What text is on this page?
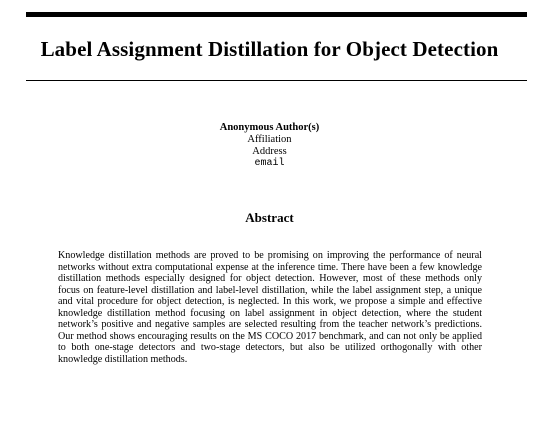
Label Assignment Distillation for Object Detection
Anonymous Author(s)
Affiliation
Address
email
Abstract

Knowledge distillation methods are proved to be promising on improving the performance of neural networks without extra computational expense at the inference time. There have been a few knowledge distillation methods especially designed for object detection. However, most of these methods only focus on feature-level distillation and label-level distillation, while the label assignment step, a unique and vital procedure for object detection, is neglected. In this work, we propose a simple and effective knowledge distillation method focusing on label assignment in object detection, where the student network’s positive and negative samples are selected resulting from the teacher network’s predictions. Our method shows encouraging results on the MS COCO 2017 benchmark, and can not only be applied to both one-stage detectors and two-stage detectors, but also be utilized orthogonally with other knowledge distillation methods.
